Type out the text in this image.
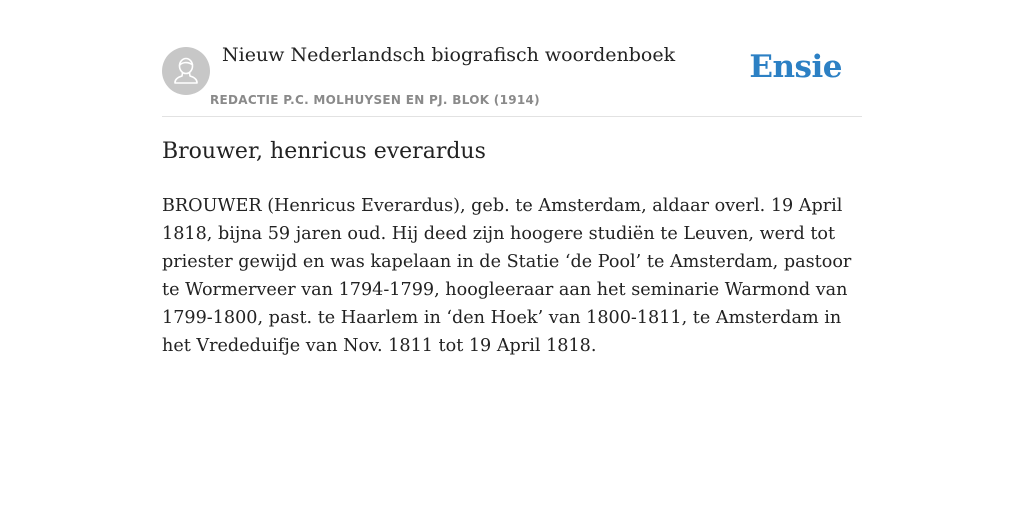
Nieuw Nederlandsch biografisch woordenboek
REDACTIE P.C. MOLHUYSEN EN PJ. BLOK (1914)
Ensie
Brouwer, henricus everardus

BROUWER (Henricus Everardus), geb. te Amsterdam, aldaar overl. 19 April 1818, bijna 59 jaren oud. Hij deed zijn hoogere studiën te Leuven, werd tot priester gewijd en was kapelaan in de Statie ‘de Pool’ te Amsterdam, pastoor te Wormerveer van 1794-1799, hoogleeraar aan het seminarie Warmond van 1799-1800, past. te Haarlem in ‘den Hoek’ van 1800-1811, te Amsterdam in het Vrededuifje van Nov. 1811 tot 19 April 1818.
